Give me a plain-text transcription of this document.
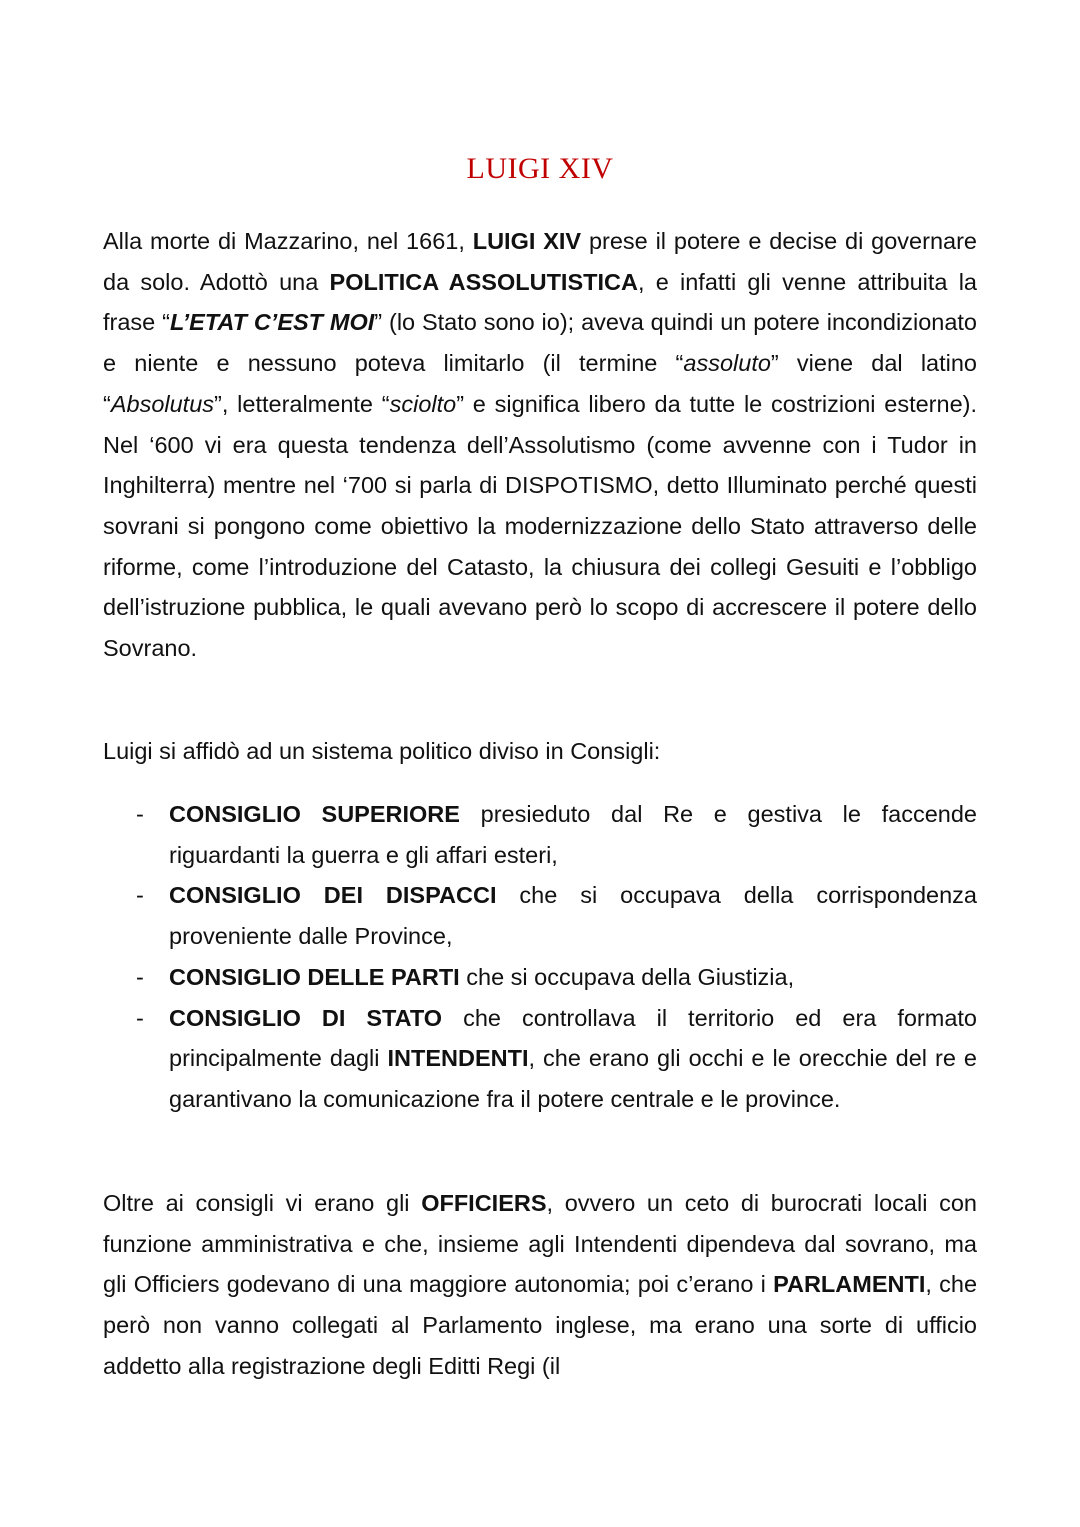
LUIGI XIV

Alla morte di Mazzarino, nel 1661, LUIGI XIV prese il potere e decise di governare da solo. Adottò una POLITICA ASSOLUTISTICA, e infatti gli venne attribuita la frase “L’ETAT C’EST MOI” (lo Stato sono io); aveva quindi un potere incondizionato e niente e nessuno poteva limitarlo (il termine “assoluto” viene dal latino “Absolutus”, letteralmente “sciolto” e significa libero da tutte le costrizioni esterne). Nel ‘600 vi era questa tendenza dell’Assolutismo (come avvenne con i Tudor in Inghilterra) mentre nel ‘700 si parla di DISPOTISMO, detto Illuminato perché questi sovrani si pongono come obiettivo la modernizzazione dello Stato attraverso delle riforme, come l’introduzione del Catasto, la chiusura dei collegi Gesuiti e l’obbligo dell’istruzione pubblica, le quali avevano però lo scopo di accrescere il potere dello Sovrano.

Luigi si affidò ad un sistema politico diviso in Consigli:

- CONSIGLIO SUPERIORE presieduto dal Re e gestiva le faccende riguardanti la guerra e gli affari esteri,
- CONSIGLIO DEI DISPACCI che si occupava della corrispondenza proveniente dalle Province,
- CONSIGLIO DELLE PARTI che si occupava della Giustizia,
- CONSIGLIO DI STATO che controllava il territorio ed era formato principalmente dagli INTENDENTI, che erano gli occhi e le orecchie del re e garantivano la comunicazione fra il potere centrale e le province.

Oltre ai consigli vi erano gli OFFICIERS, ovvero un ceto di burocrati locali con funzione amministrativa e che, insieme agli Intendenti dipendeva dal sovrano, ma gli Officiers godevano di una maggiore autonomia; poi c’erano i PARLAMENTI, che però non vanno collegati al Parlamento inglese, ma erano una sorte di ufficio addetto alla registrazione degli Editti Regi (il
